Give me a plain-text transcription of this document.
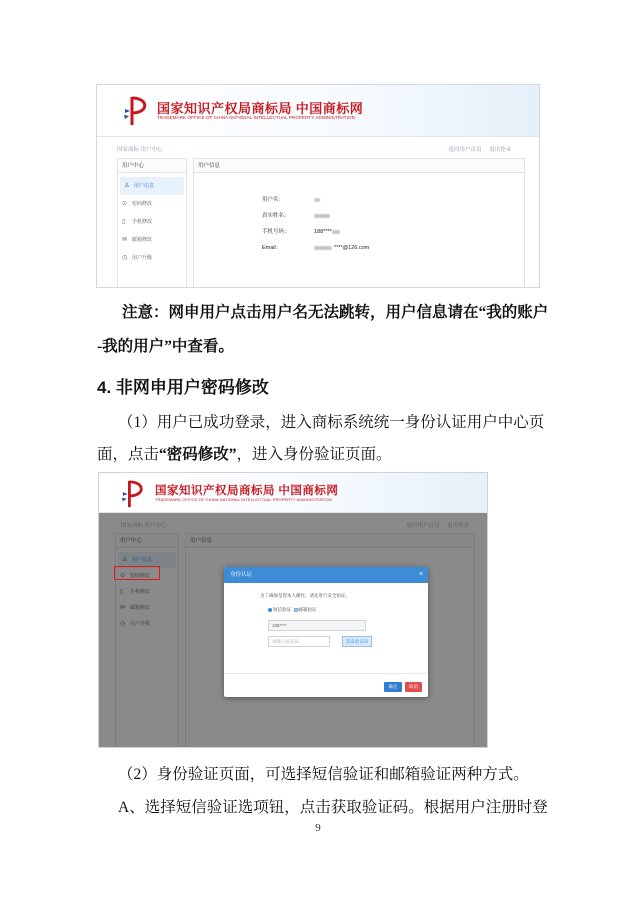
国家知识产权局商标局 中国商标网
TRADEMARK OFFICE OF CHINA NATIONAL INTELLECTUAL PROPERTY ADMINISTRATION
国家商标 用户中心	返回用户首页 退出登录
用户中心
♙ 用户信息
⊙ 密码修改
▯ 手机修改
✉ 邮箱修改
◷ 用户升级
用户信息
用户名：
真实姓名：
手机号码：	188****
Email：	****@126.com
注意：网申用户点击用户名无法跳转，用户信息请在“我的账户
-我的用户”中查看。
4. 非网申用户密码修改
（1）用户已成功登录，进入商标系统统一身份认证用户中心页
面，点击“密码修改”，进入身份验证页面。
国家知识产权局商标局 中国商标网
TRADEMARK OFFICE OF CHINA NATIONAL INTELLECTUAL PROPERTY ADMINISTRATION
身份认证	×
为了确保是您本人操作，请先进行安全验证。
短信验证 邮箱验证
188****
请输入验证码	获取验证码
确定	取消
（2）身份验证页面，可选择短信验证和邮箱验证两种方式。
A、选择短信验证选项钮，点击获取验证码。根据用户注册时登
9
